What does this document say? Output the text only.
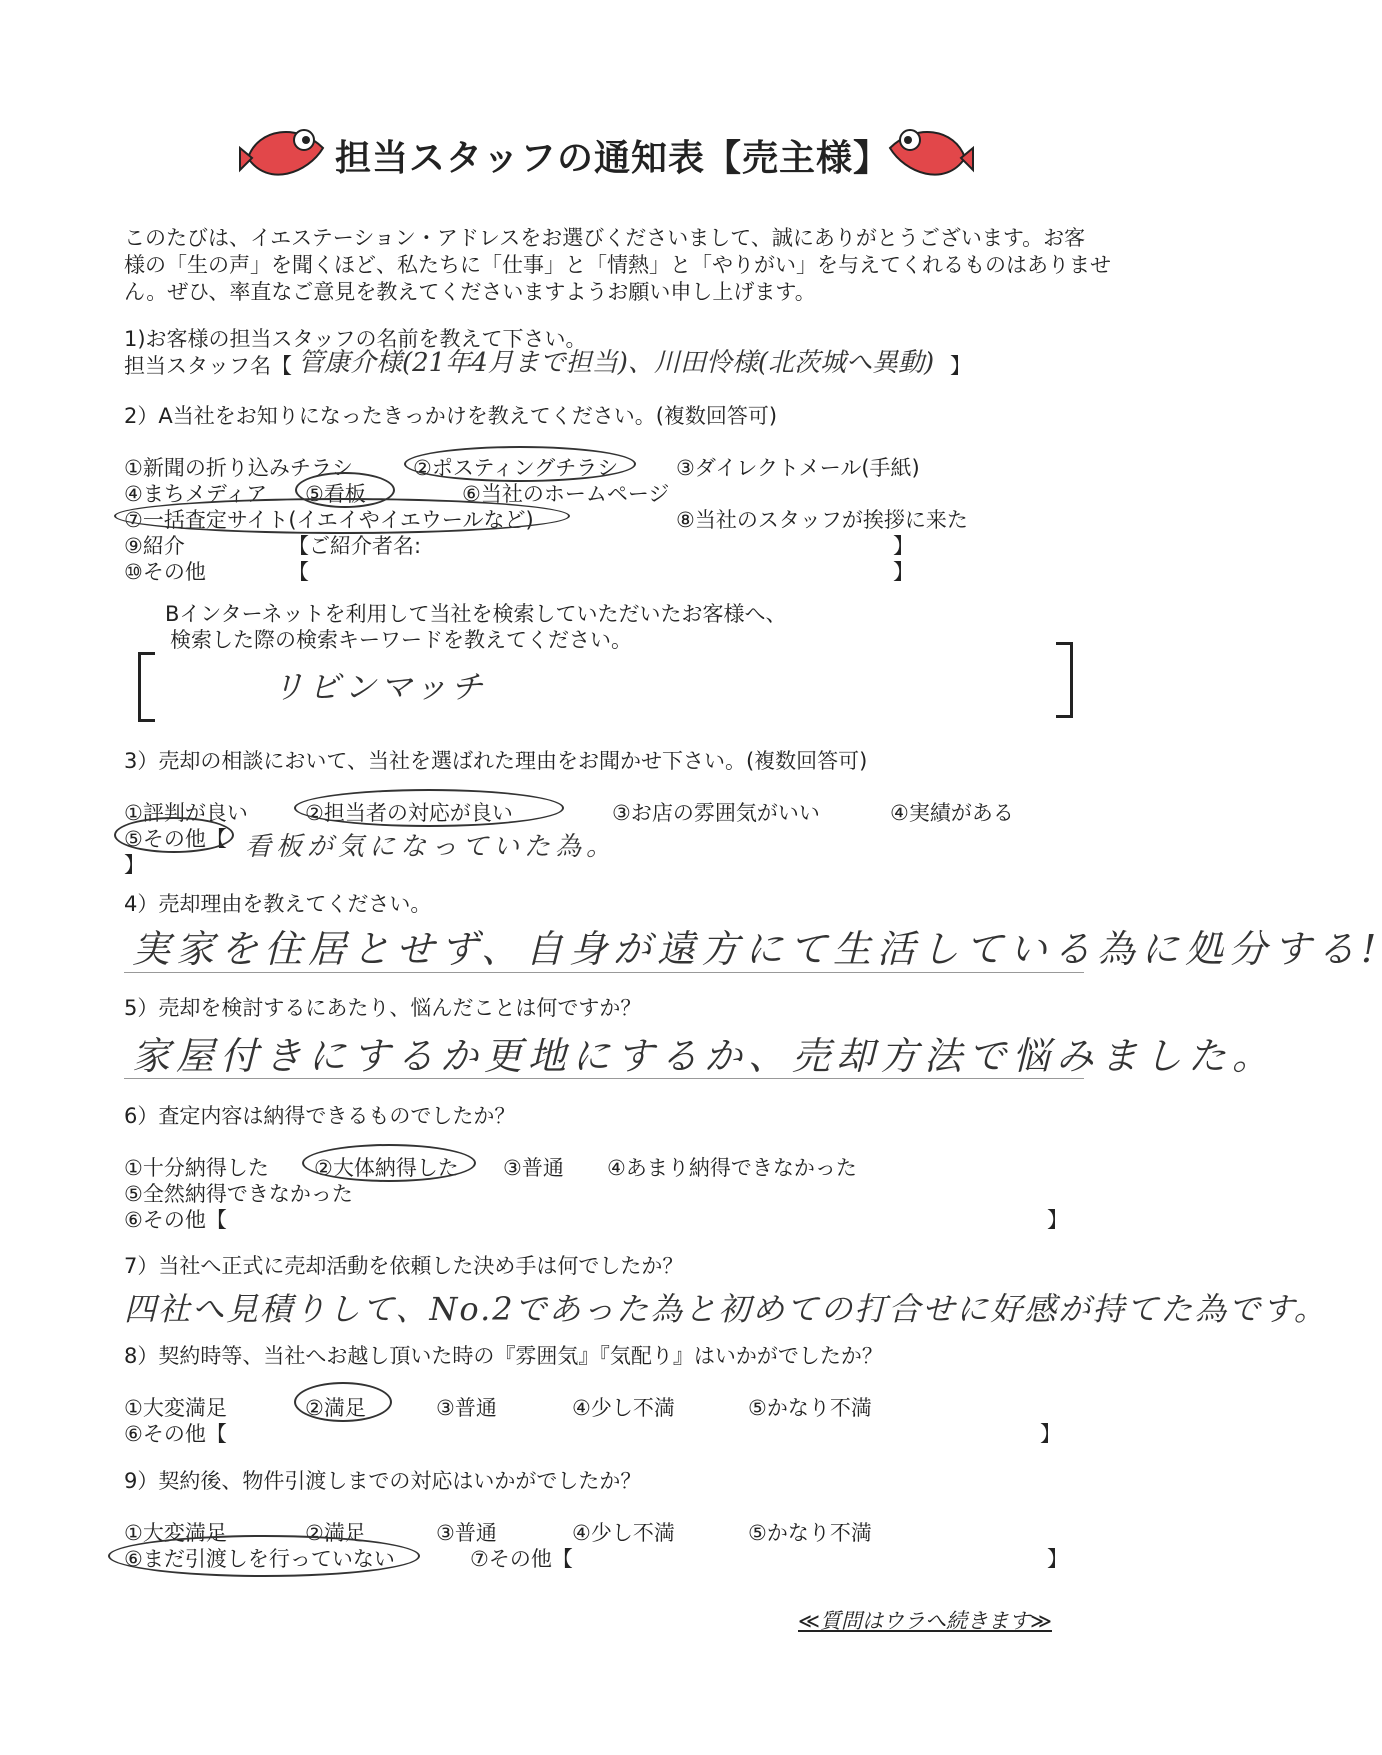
担当スタッフの通知表【売主様】
このたびは、イエステーション・アドレスをお選びくださいまして、誠にありがとうございます。お客
様の「生の声」を聞くほど、私たちに「仕事」と「情熱」と「やりがい」を与えてくれるものはありませ
ん。ぜひ、率直なご意見を教えてくださいますようお願い申し上げます。
1)お客様の担当スタッフの名前を教えて下さい。
担当スタッフ名【 管康介様(21年4月まで担当)、川田怜様(北茨城へ異動) 】
2）A当社をお知りになったきっかけを教えてください。(複数回答可)
①新聞の折り込みチラシ	②ポスティングチラシ	③ダイレクトメール(手紙)
④まちメディア ⑤看板	⑥当社のホームページ
⑦一括査定サイト(イエイやイエウールなど)	⑧当社のスタッフが挨拶に来た
⑨紹介	【ご紹介者名:	】
⑩その他	【	】
Bインターネットを利用して当社を検索していただいたお客様へ、
検索した際の検索キーワードを教えてください。
リビンマッチ
3）売却の相談において、当社を選ばれた理由をお聞かせ下さい。(複数回答可)
①評判が良い	②担当者の対応が良い	③お店の雰囲気がいい	④実績がある
⑤その他【 看板が気になっていた為。
】
4）売却理由を教えてください。
実家を住居とせず、自身が遠方にて生活している為に処分する!
5）売却を検討するにあたり、悩んだことは何ですか？
家屋付きにするか更地にするか、売却方法で悩みました。
6）査定内容は納得できるものでしたか？
①十分納得した ②大体納得した ③普通 ④あまり納得できなかった
⑤全然納得できなかった
⑥その他【	】
7）当社へ正式に売却活動を依頼した決め手は何でしたか？
四社へ見積りして、No.2であった為と初めての打合せに好感が持てた為です。
8）契約時等、当社へお越し頂いた時の『雰囲気』『気配り』はいかがでしたか？
①大変満足	②満足	③普通	④少し不満	⑤かなり不満
⑥その他【	】
9）契約後、物件引渡しまでの対応はいかがでしたか？
①大変満足	②満足	③普通	④少し不満	⑤かなり不満
⑥まだ引渡しを行っていない	⑦その他【	】
≪質問はウラへ続きます≫
